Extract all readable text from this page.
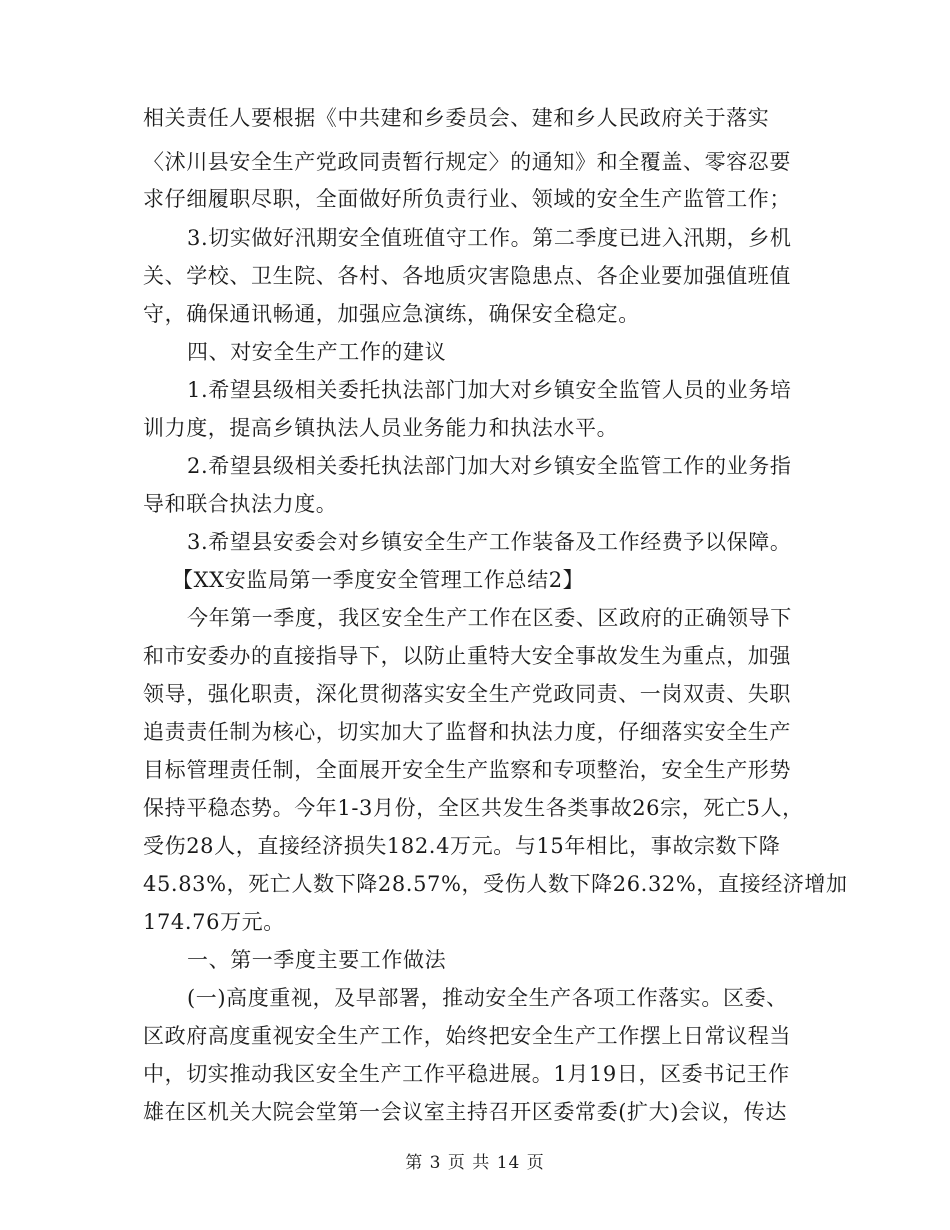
相关责任人要根据《中共建和乡委员会、建和乡人民政府关于落实
〈沭川县安全生产党政同责暂行规定〉的通知》和全覆盖、零容忍要
求仔细履职尽职，全面做好所负责行业、领域的安全生产监管工作；
3.切实做好汛期安全值班值守工作。第二季度已进入汛期，乡机
关、学校、卫生院、各村、各地质灾害隐患点、各企业要加强值班值
守，确保通讯畅通，加强应急演练，确保安全稳定。
四、对安全生产工作的建议
1.希望县级相关委托执法部门加大对乡镇安全监管人员的业务培
训力度，提高乡镇执法人员业务能力和执法水平。
2.希望县级相关委托执法部门加大对乡镇安全监管工作的业务指
导和联合执法力度。
3.希望县安委会对乡镇安全生产工作装备及工作经费予以保障。
【XX安监局第一季度安全管理工作总结2】
今年第一季度，我区安全生产工作在区委、区政府的正确领导下
和市安委办的直接指导下，以防止重特大安全事故发生为重点，加强
领导，强化职责，深化贯彻落实安全生产党政同责、一岗双责、失职
追责责任制为核心，切实加大了监督和执法力度，仔细落实安全生产
目标管理责任制，全面展开安全生产监察和专项整治，安全生产形势
保持平稳态势。今年1-3月份，全区共发生各类事故26宗，死亡5人，
受伤28人，直接经济损失182.4万元。与15年相比，事故宗数下降
45.83%，死亡人数下降28.57%，受伤人数下降26.32%，直接经济增加
174.76万元。
一、第一季度主要工作做法
(一)高度重视，及早部署，推动安全生产各项工作落实。区委、
区政府高度重视安全生产工作，始终把安全生产工作摆上日常议程当
中，切实推动我区安全生产工作平稳进展。1月19日，区委书记王作
雄在区机关大院会堂第一会议室主持召开区委常委(扩大)会议，传达
第 3 页 共 14 页
